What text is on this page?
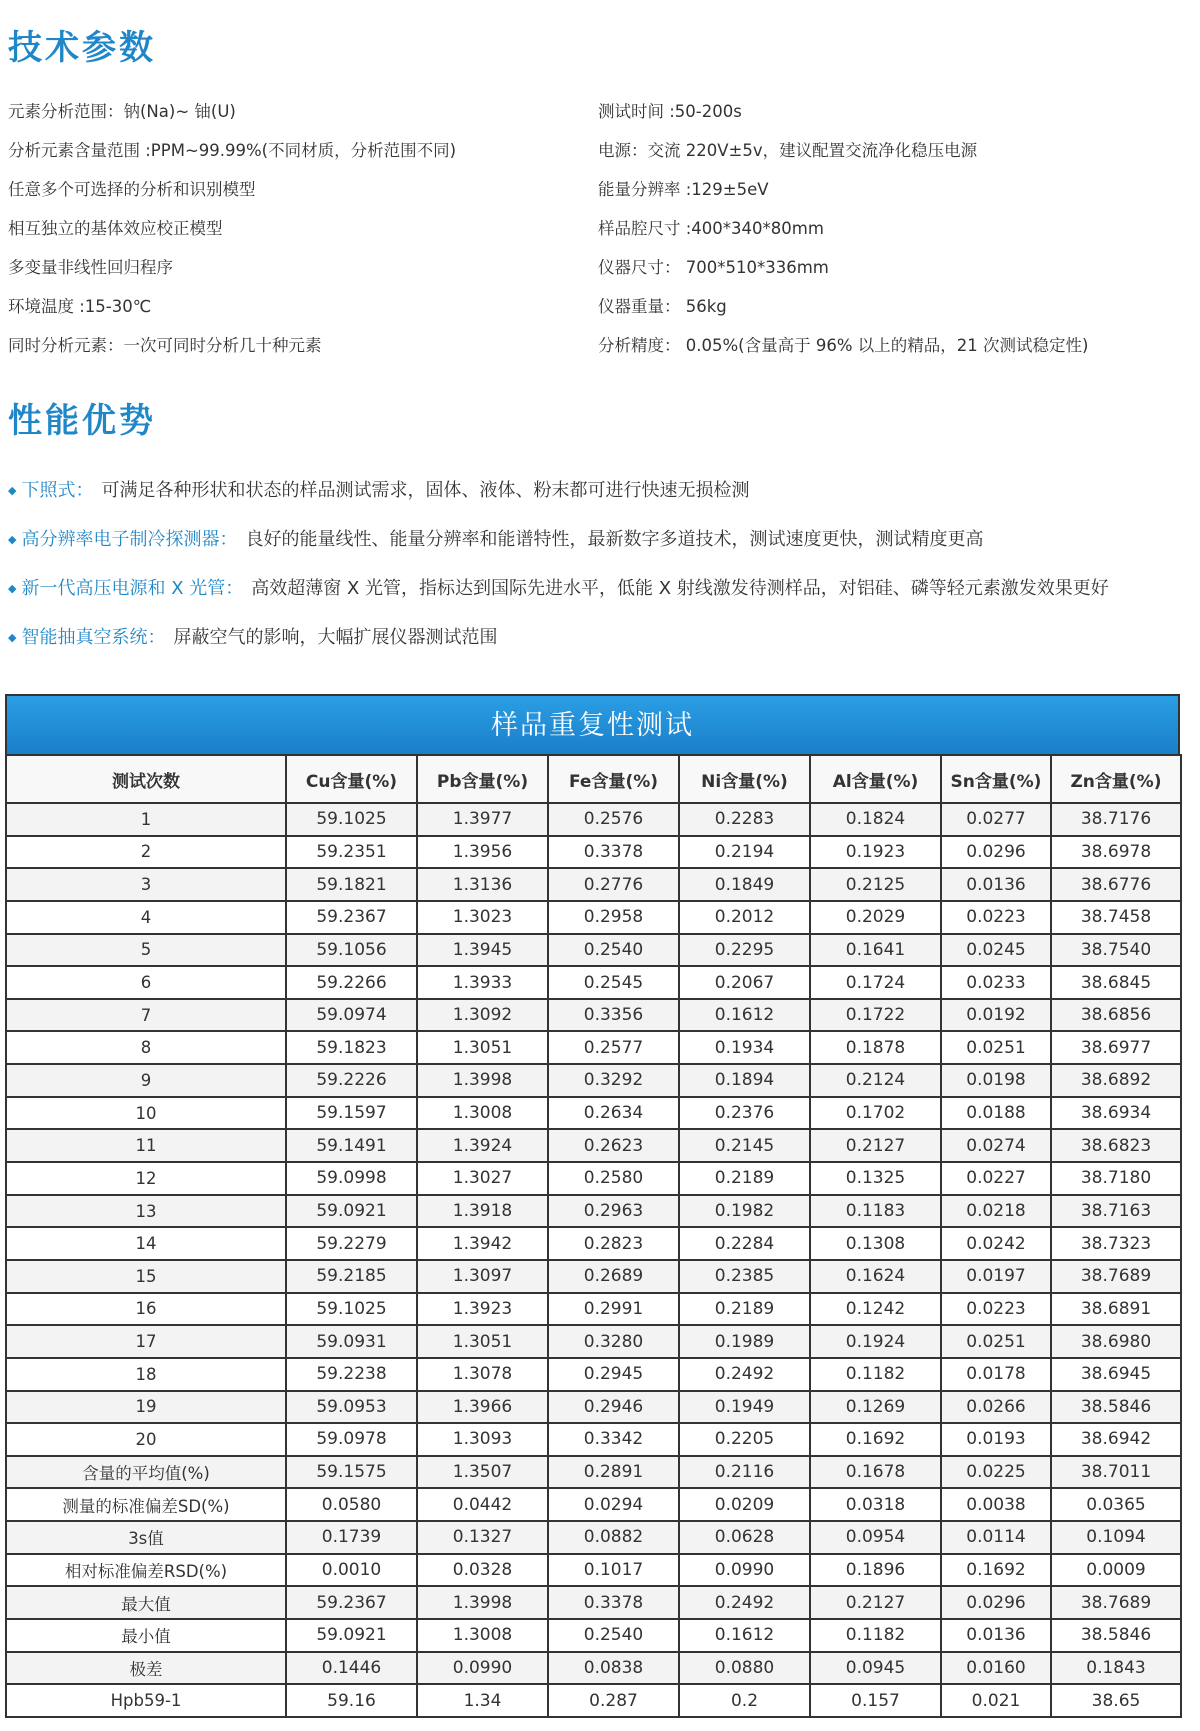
技术参数
元素分析范围：钠(Na)~ 铀(U)
分析元素含量范围 :PPM~99.99%(不同材质，分析范围不同)
任意多个可选择的分析和识别模型
相互独立的基体效应校正模型
多变量非线性回归程序
环境温度 :15-30℃
同时分析元素：一次可同时分析几十种元素
测试时间 :50-200s
电源：交流 220V±5v，建议配置交流净化稳压电源
能量分辨率 :129±5eV
样品腔尺寸 :400*340*80mm
仪器尺寸： 700*510*336mm
仪器重量： 56kg
分析精度： 0.05%(含量高于 96% 以上的精品，21 次测试稳定性)
性能优势
◆ 下照式： 可满足各种形状和状态的样品测试需求，固体、液体、粉末都可进行快速无损检测
◆ 高分辨率电子制冷探测器： 良好的能量线性、能量分辨率和能谱特性，最新数字多道技术，测试速度更快，测试精度更高
◆ 新一代高压电源和 X 光管： 高效超薄窗 X 光管，指标达到国际先进水平，低能 X 射线激发待测样品，对铝硅、磷等轻元素激发效果更好
◆ 智能抽真空系统： 屏蔽空气的影响，大幅扩展仪器测试范围
样品重复性测试
测试次数	Cu含量(%)	Pb含量(%)	Fe含量(%)	Ni含量(%)	Al含量(%)	Sn含量(%)	Zn含量(%)
1	59.1025	1.3977	0.2576	0.2283	0.1824	0.0277	38.7176
2	59.2351	1.3956	0.3378	0.2194	0.1923	0.0296	38.6978
3	59.1821	1.3136	0.2776	0.1849	0.2125	0.0136	38.6776
4	59.2367	1.3023	0.2958	0.2012	0.2029	0.0223	38.7458
5	59.1056	1.3945	0.2540	0.2295	0.1641	0.0245	38.7540
6	59.2266	1.3933	0.2545	0.2067	0.1724	0.0233	38.6845
7	59.0974	1.3092	0.3356	0.1612	0.1722	0.0192	38.6856
8	59.1823	1.3051	0.2577	0.1934	0.1878	0.0251	38.6977
9	59.2226	1.3998	0.3292	0.1894	0.2124	0.0198	38.6892
10	59.1597	1.3008	0.2634	0.2376	0.1702	0.0188	38.6934
11	59.1491	1.3924	0.2623	0.2145	0.2127	0.0274	38.6823
12	59.0998	1.3027	0.2580	0.2189	0.1325	0.0227	38.7180
13	59.0921	1.3918	0.2963	0.1982	0.1183	0.0218	38.7163
14	59.2279	1.3942	0.2823	0.2284	0.1308	0.0242	38.7323
15	59.2185	1.3097	0.2689	0.2385	0.1624	0.0197	38.7689
16	59.1025	1.3923	0.2991	0.2189	0.1242	0.0223	38.6891
17	59.0931	1.3051	0.3280	0.1989	0.1924	0.0251	38.6980
18	59.2238	1.3078	0.2945	0.2492	0.1182	0.0178	38.6945
19	59.0953	1.3966	0.2946	0.1949	0.1269	0.0266	38.5846
20	59.0978	1.3093	0.3342	0.2205	0.1692	0.0193	38.6942
含量的平均值(%)	59.1575	1.3507	0.2891	0.2116	0.1678	0.0225	38.7011
测量的标准偏差SD(%)	0.0580	0.0442	0.0294	0.0209	0.0318	0.0038	0.0365
3s值	0.1739	0.1327	0.0882	0.0628	0.0954	0.0114	0.1094
相对标准偏差RSD(%)	0.0010	0.0328	0.1017	0.0990	0.1896	0.1692	0.0009
最大值	59.2367	1.3998	0.3378	0.2492	0.2127	0.0296	38.7689
最小值	59.0921	1.3008	0.2540	0.1612	0.1182	0.0136	38.5846
极差	0.1446	0.0990	0.0838	0.0880	0.0945	0.0160	0.1843
Hpb59-1	59.16	1.34	0.287	0.2	0.157	0.021	38.65
